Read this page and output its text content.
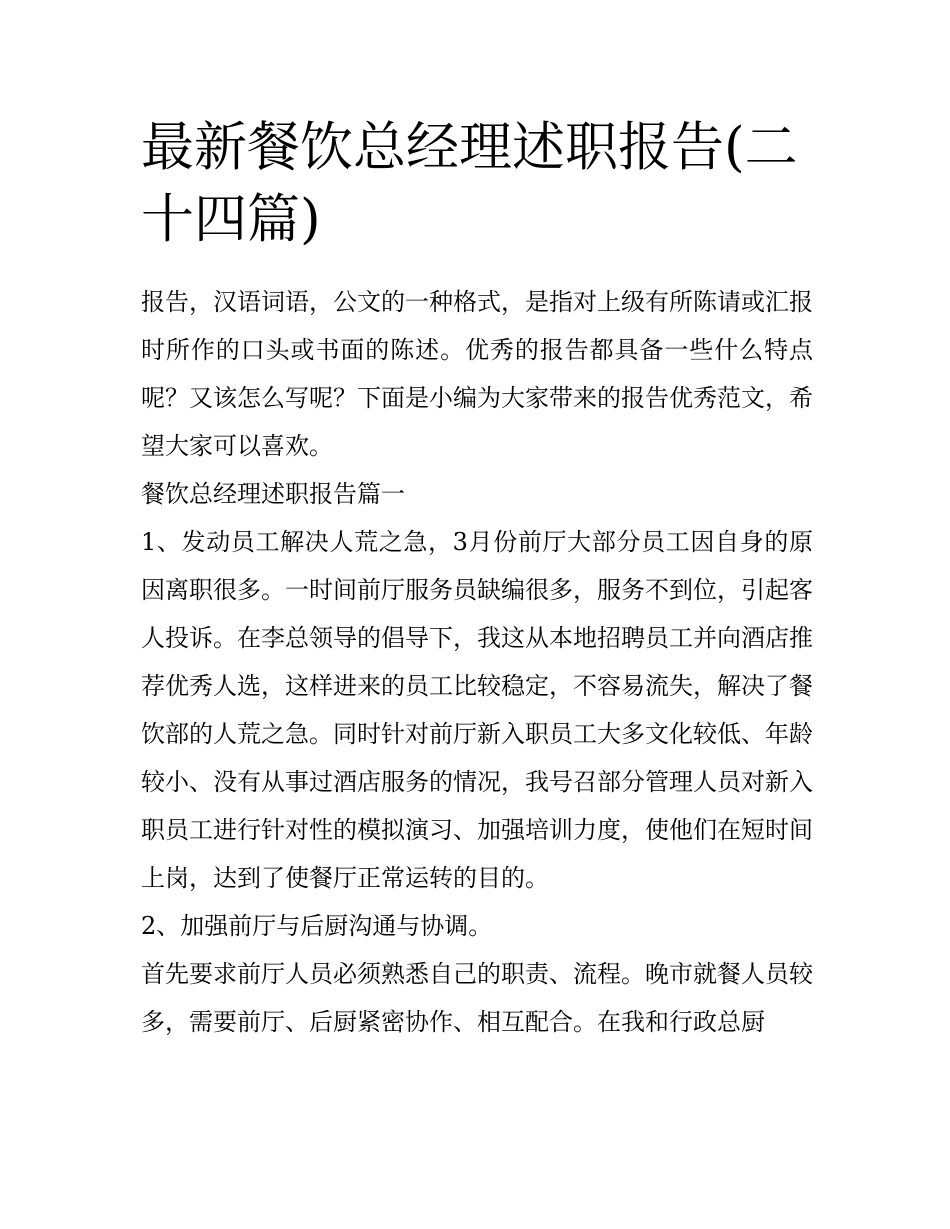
最新餐饮总经理述职报告(二十四篇)

报告，汉语词语，公文的一种格式，是指对上级有所陈请或汇报时所作的口头或书面的陈述。优秀的报告都具备一些什么特点呢？又该怎么写呢？下面是小编为大家带来的报告优秀范文，希望大家可以喜欢。

餐饮总经理述职报告篇一

1、发动员工解决人荒之急，3月份前厅大部分员工因自身的原因离职很多。一时间前厅服务员缺编很多，服务不到位，引起客人投诉。在李总领导的倡导下，我这从本地招聘员工并向酒店推荐优秀人选，这样进来的员工比较稳定，不容易流失，解决了餐饮部的人荒之急。同时针对前厅新入职员工大多文化较低、年龄较小、没有从事过酒店服务的情况，我号召部分管理人员对新入职员工进行针对性的模拟演习、加强培训力度，使他们在短时间上岗，达到了使餐厅正常运转的目的。

2、加强前厅与后厨沟通与协调。

首先要求前厅人员必须熟悉自己的职责、流程。晚市就餐人员较多，需要前厅、后厨紧密协作、相互配合。在我和行政总厨
